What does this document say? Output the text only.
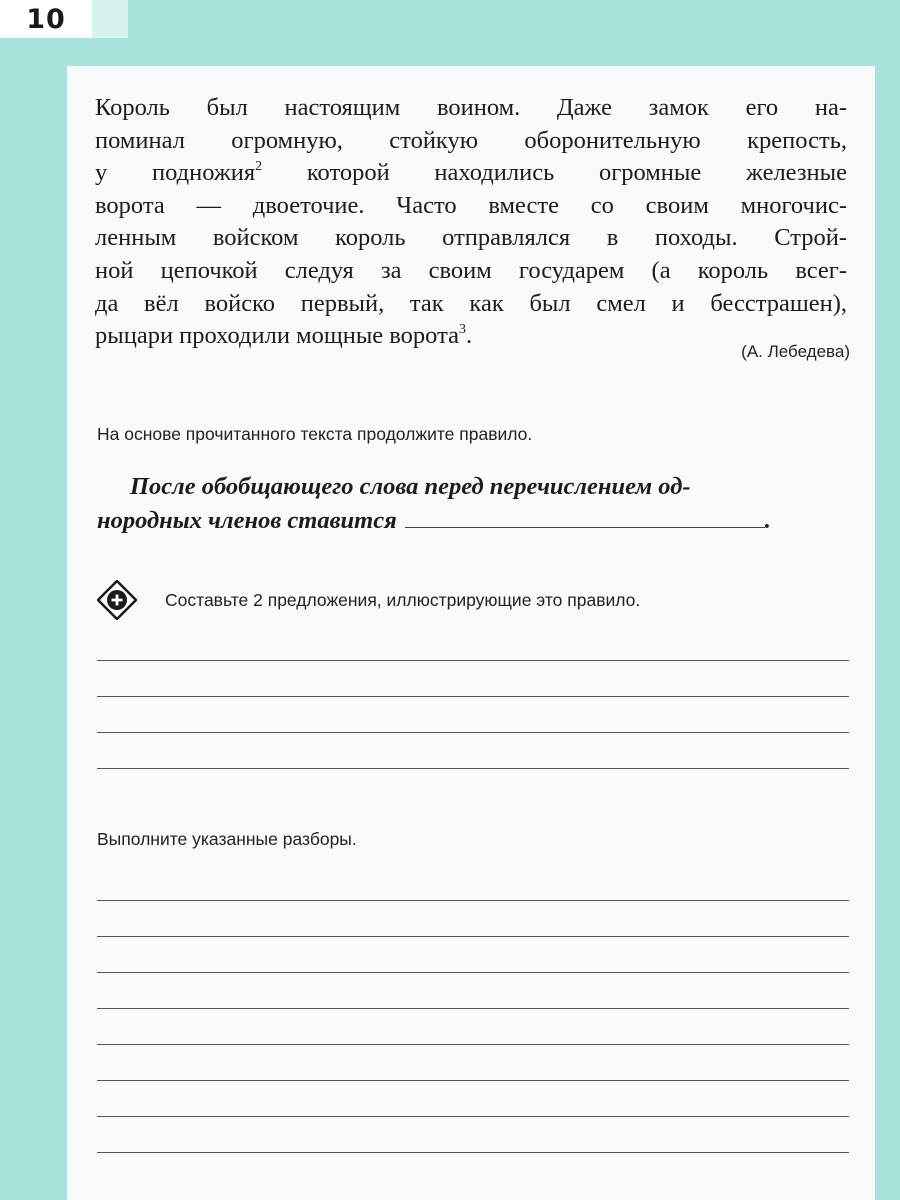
10
Король был настоящим воином. Даже замок его на-
поминал огромную, стойкую оборонительную крепость,
у подножия$^2$ которой находились огромные железные
ворота — двоеточие. Часто вместе со своим многочис-
ленным войском король отправлялся в походы. Строй-
ной цепочкой следуя за своим государем (а король всег-
да вёл войско первый, так как был смел и бесстрашен),
рыцари проходили мощные ворота$^3$.
(А. Лебедева)
На основе прочитанного текста продолжите правило.
После обобщающего слова перед перечислением од-
нородных членов ставится	.
Составьте 2 предложения, иллюстрирующие это правило.
Выполните указанные разборы.
